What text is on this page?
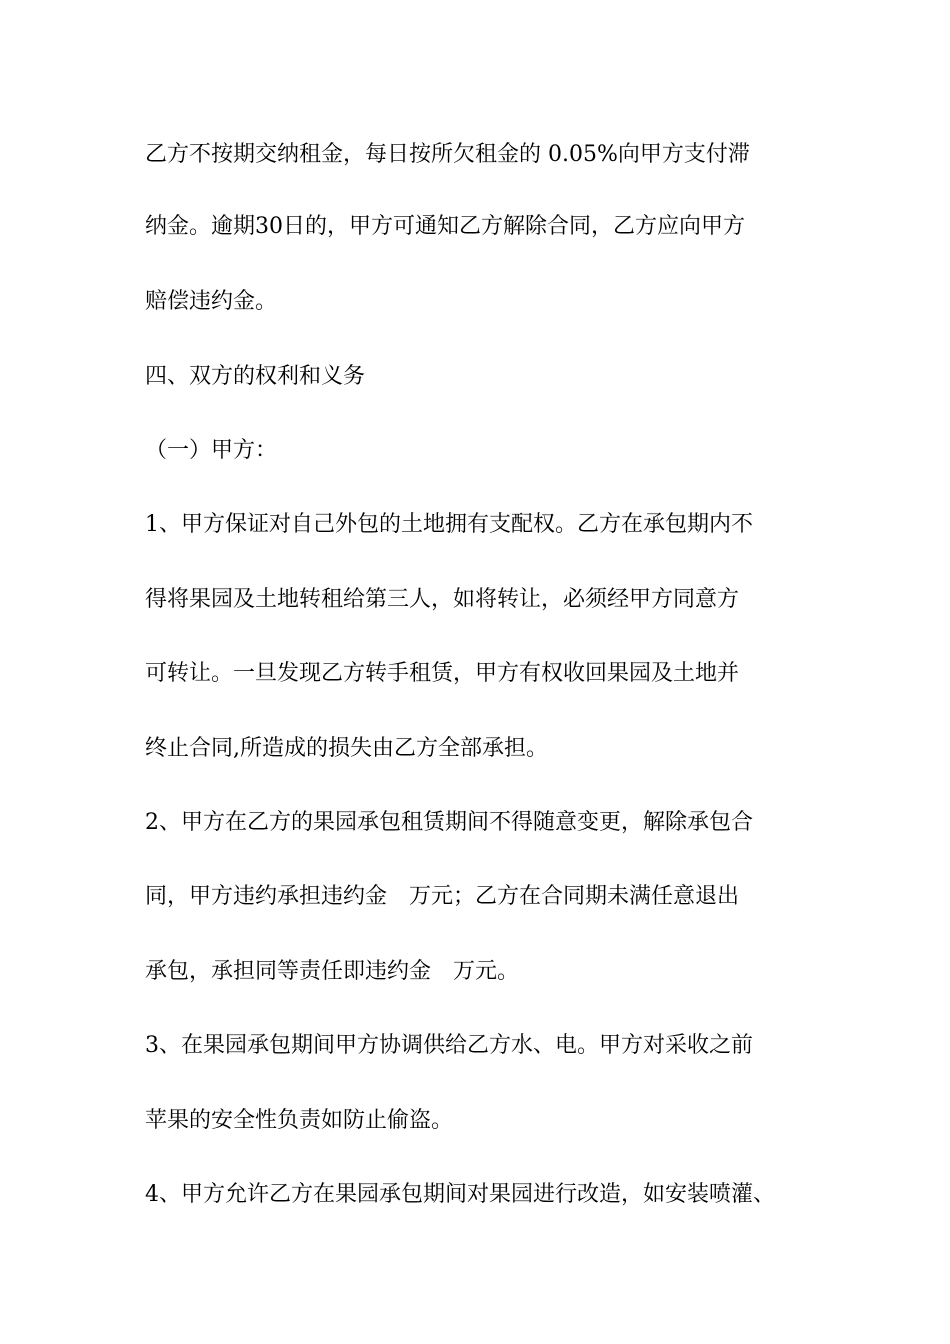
乙方不按期交纳租金，每日按所欠租金的 0.05%向甲方支付滞
纳金。逾期30日的，甲方可通知乙方解除合同，乙方应向甲方
赔偿违约金。
四、双方的权利和义务
（一）甲方：
1、甲方保证对自己外包的土地拥有支配权。乙方在承包期内不
得将果园及土地转租给第三人，如将转让，必须经甲方同意方
可转让。一旦发现乙方转手租赁，甲方有权收回果园及土地并
终止合同,所造成的损失由乙方全部承担。
2、甲方在乙方的果园承包租赁期间不得随意变更，解除承包合
同，甲方违约承担违约金　万元；乙方在合同期未满任意退出
承包，承担同等责任即违约金　万元。
3、在果园承包期间甲方协调供给乙方水、电。甲方对采收之前
苹果的安全性负责如防止偷盗。
4、甲方允许乙方在果园承包期间对果园进行改造，如安装喷灌、
